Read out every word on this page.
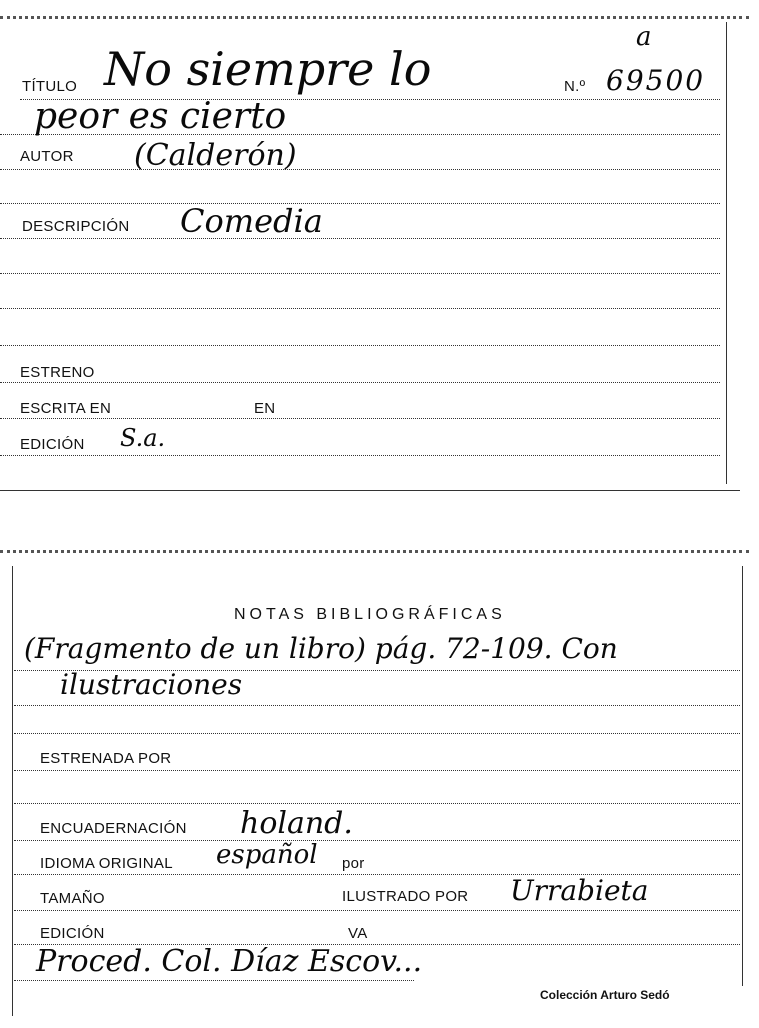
TÍTULO No siempre lo
peor es cierto
N.º 69500
a
AUTOR (Calderón)
DESCRIPCIÓN Comedia
ESTRENO
ESCRITA EN	EN
EDICIÓN S.a.
NOTAS BIBLIOGRÁFICAS
(Fragmento de un libro) pág. 72-109. Con
ilustraciones
ESTRENADA POR
ENCUADERNACIÓN holand.
IDIOMA ORIGINAL español por
TAMAÑO	ILUSTRADO POR Urrabieta
EDICIÓN	VA
Proced. Col. Díaz Escov...
Colección Arturo Sedó
